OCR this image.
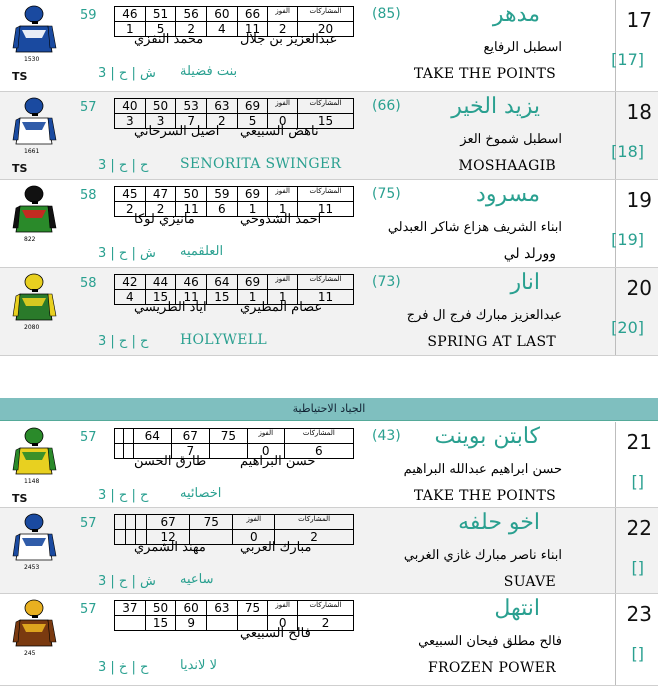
17
[17]
مدهر
(85)
اسطبل الرفايع
TAKE THE POINTS
بنت فضيلة
عبدالعزيز بن جلال
محمد النفزي
59
3 | ش | ح
TS
46	51	56	60	66	الفوز	المشاركات
1	5	2	4	11	2	20
1530
18
[18]
يزيد الخير
(66)
اسطبل شموخ العز
MOSHAAGIB
SENORITA SWINGER
ناهض السبيعي
اصيل السرحاني
57
ح | ح | 3
TS
40	50	53	63	69	الفوز	المشاركات
3	3	7	2	5	0	15
1661
19
[19]
مسرود
(75)
ابناء الشريف هزاع شاكر العبدلي
وورلد لي
العلقميه
احمد الشدوخي
مانيزي لوكا
58
3 | ش | ح
45	47	50	59	69	الفوز	المشاركات
2	2	11	6	1	1	11
822
20
[20]
انار
(73)
عبدالعزيز مبارك فرج ال فرج
SPRING AT LAST
HOLYWELL
عصام المطيري
اياد الطريسي
58
ح | ح | 3
42	44	46	64	69	الفوز	المشاركات
4	15	11	15	1	1	11
2080
21
[]
كابتن بوينت
(43)
حسن ابراهيم عبدالله البراهيم
TAKE THE POINTS
اخصائيه
حسن البراهيم
طارق الحسن
57
ح | ح | 3
TS
		64	67	75	الفوز	المشاركات
			7		0	6
1148
22
[]
اخو حلفه
ابناء ناصر مبارك غازي الغربي
SUAVE
ساعيه
مبارك الغربي
مهند الشمري
57
3 | ش | ح
			67	75	الفوز	المشاركات
			12		0	2
2453
23
[]
انتهل
فالح مطلق فيحان السبيعي
FROZEN POWER
لا لانديا
فالح السبيعي
57
3 | ح | خ
37	50	60	63	75	الفوز	المشاركات
	15	9			0	2
245
الجياد الاحتياطية
